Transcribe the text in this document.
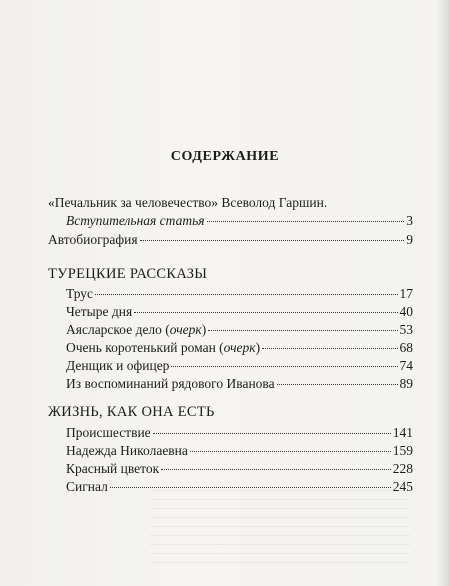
СОДЕРЖАНИЕ
«Печальник за человечество» Всеволод Гаршин.
Вступительная статья	3
Автобиография	9
ТУРЕЦКИЕ РАССКАЗЫ
Трус	17
Четыре дня	40
Аясларское дело (очерк)	53
Очень коротенький роман (очерк)	68
Денщик и офицер	74
Из воспоминаний рядового Иванова	89
ЖИЗНЬ, КАК ОНА ЕСТЬ
Происшествие	141
Надежда Николаевна	159
Красный цветок	228
Сигнал	245
